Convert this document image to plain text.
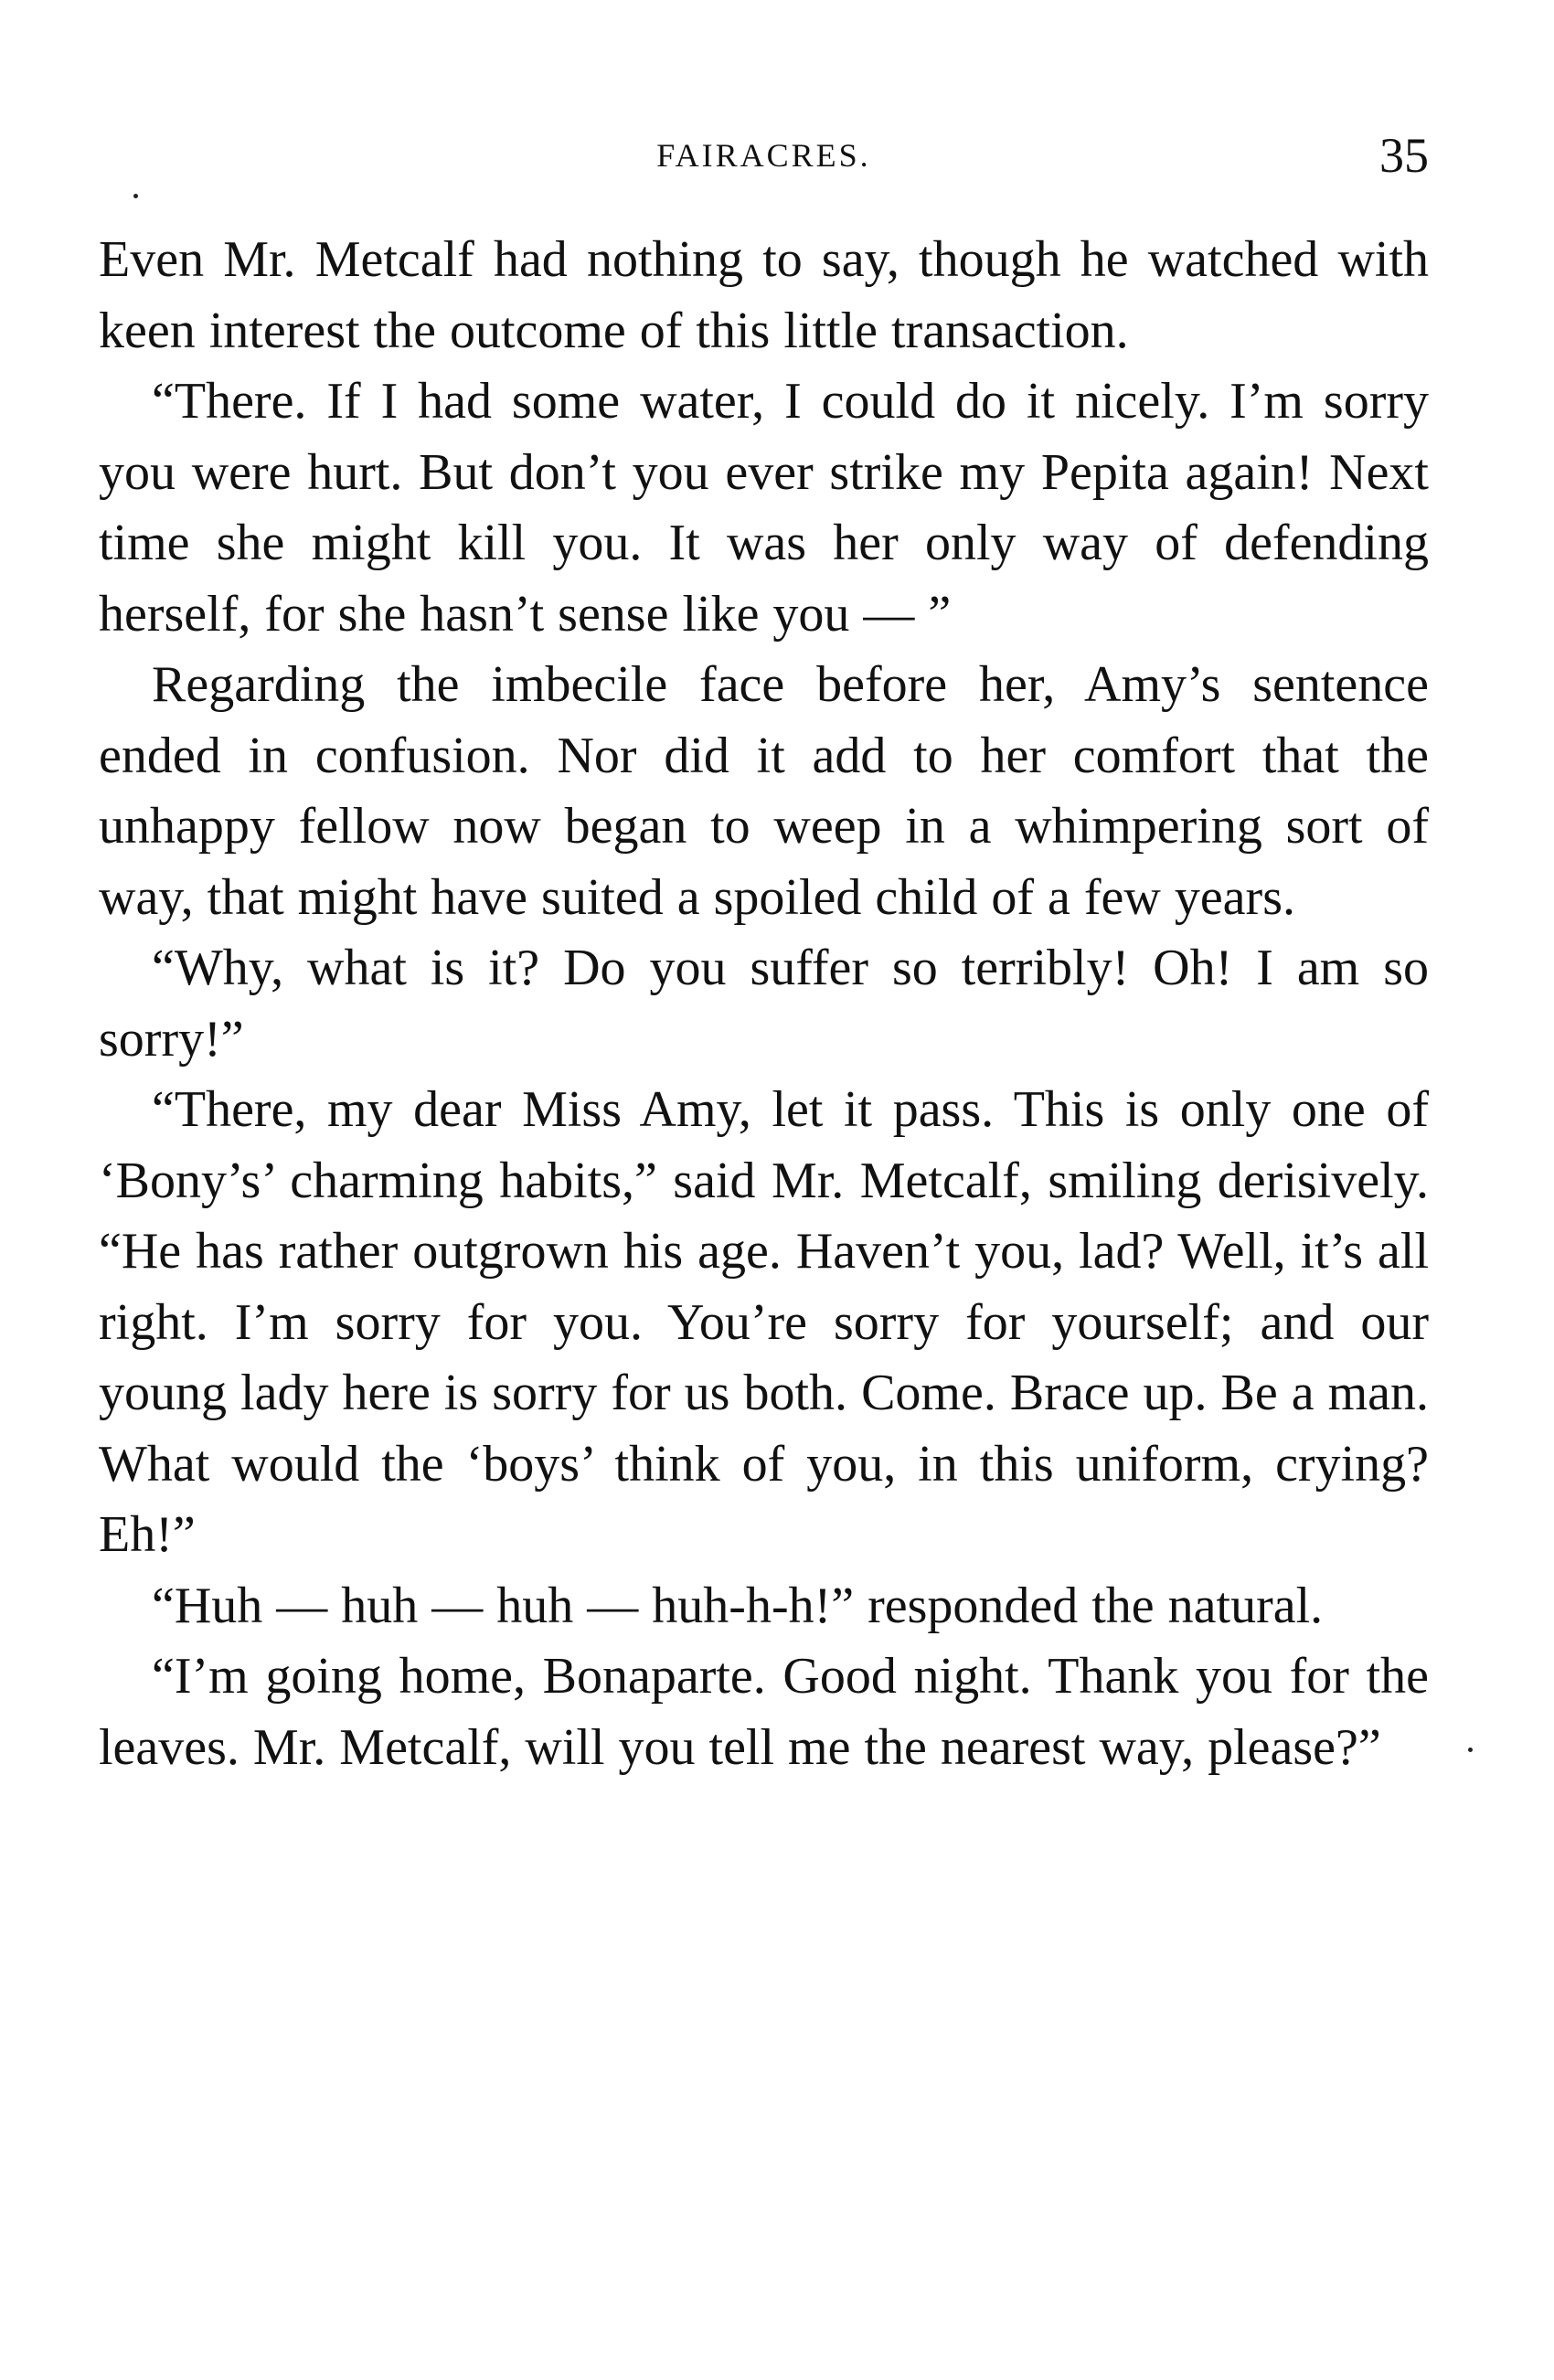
FAIRACRES.	35

Even Mr. Metcalf had nothing to say, though he watched with keen interest the outcome of this little transaction.

“There. If I had some water, I could do it nicely. I’m sorry you were hurt. But don’t you ever strike my Pepita again! Next time she might kill you. It was her only way of defending herself, for she hasn’t sense like you — ”

Regarding the imbecile face before her, Amy’s sentence ended in confusion. Nor did it add to her comfort that the unhappy fellow now began to weep in a whimpering sort of way, that might have suited a spoiled child of a few years.

“Why, what is it? Do you suffer so terribly! Oh! I am so sorry!”

“There, my dear Miss Amy, let it pass. This is only one of ‘Bony’s’ charming habits,” said Mr. Metcalf, smiling derisively. “He has rather outgrown his age. Haven’t you, lad? Well, it’s all right. I’m sorry for you. You’re sorry for yourself; and our young lady here is sorry for us both. Come. Brace up. Be a man. What would the ‘boys’ think of you, in this uniform, crying? Eh!”

“Huh — huh — huh — huh-h-h!” responded the natural.

“I’m going home, Bonaparte. Good night. Thank you for the leaves. Mr. Metcalf, will you tell me the nearest way, please?”
